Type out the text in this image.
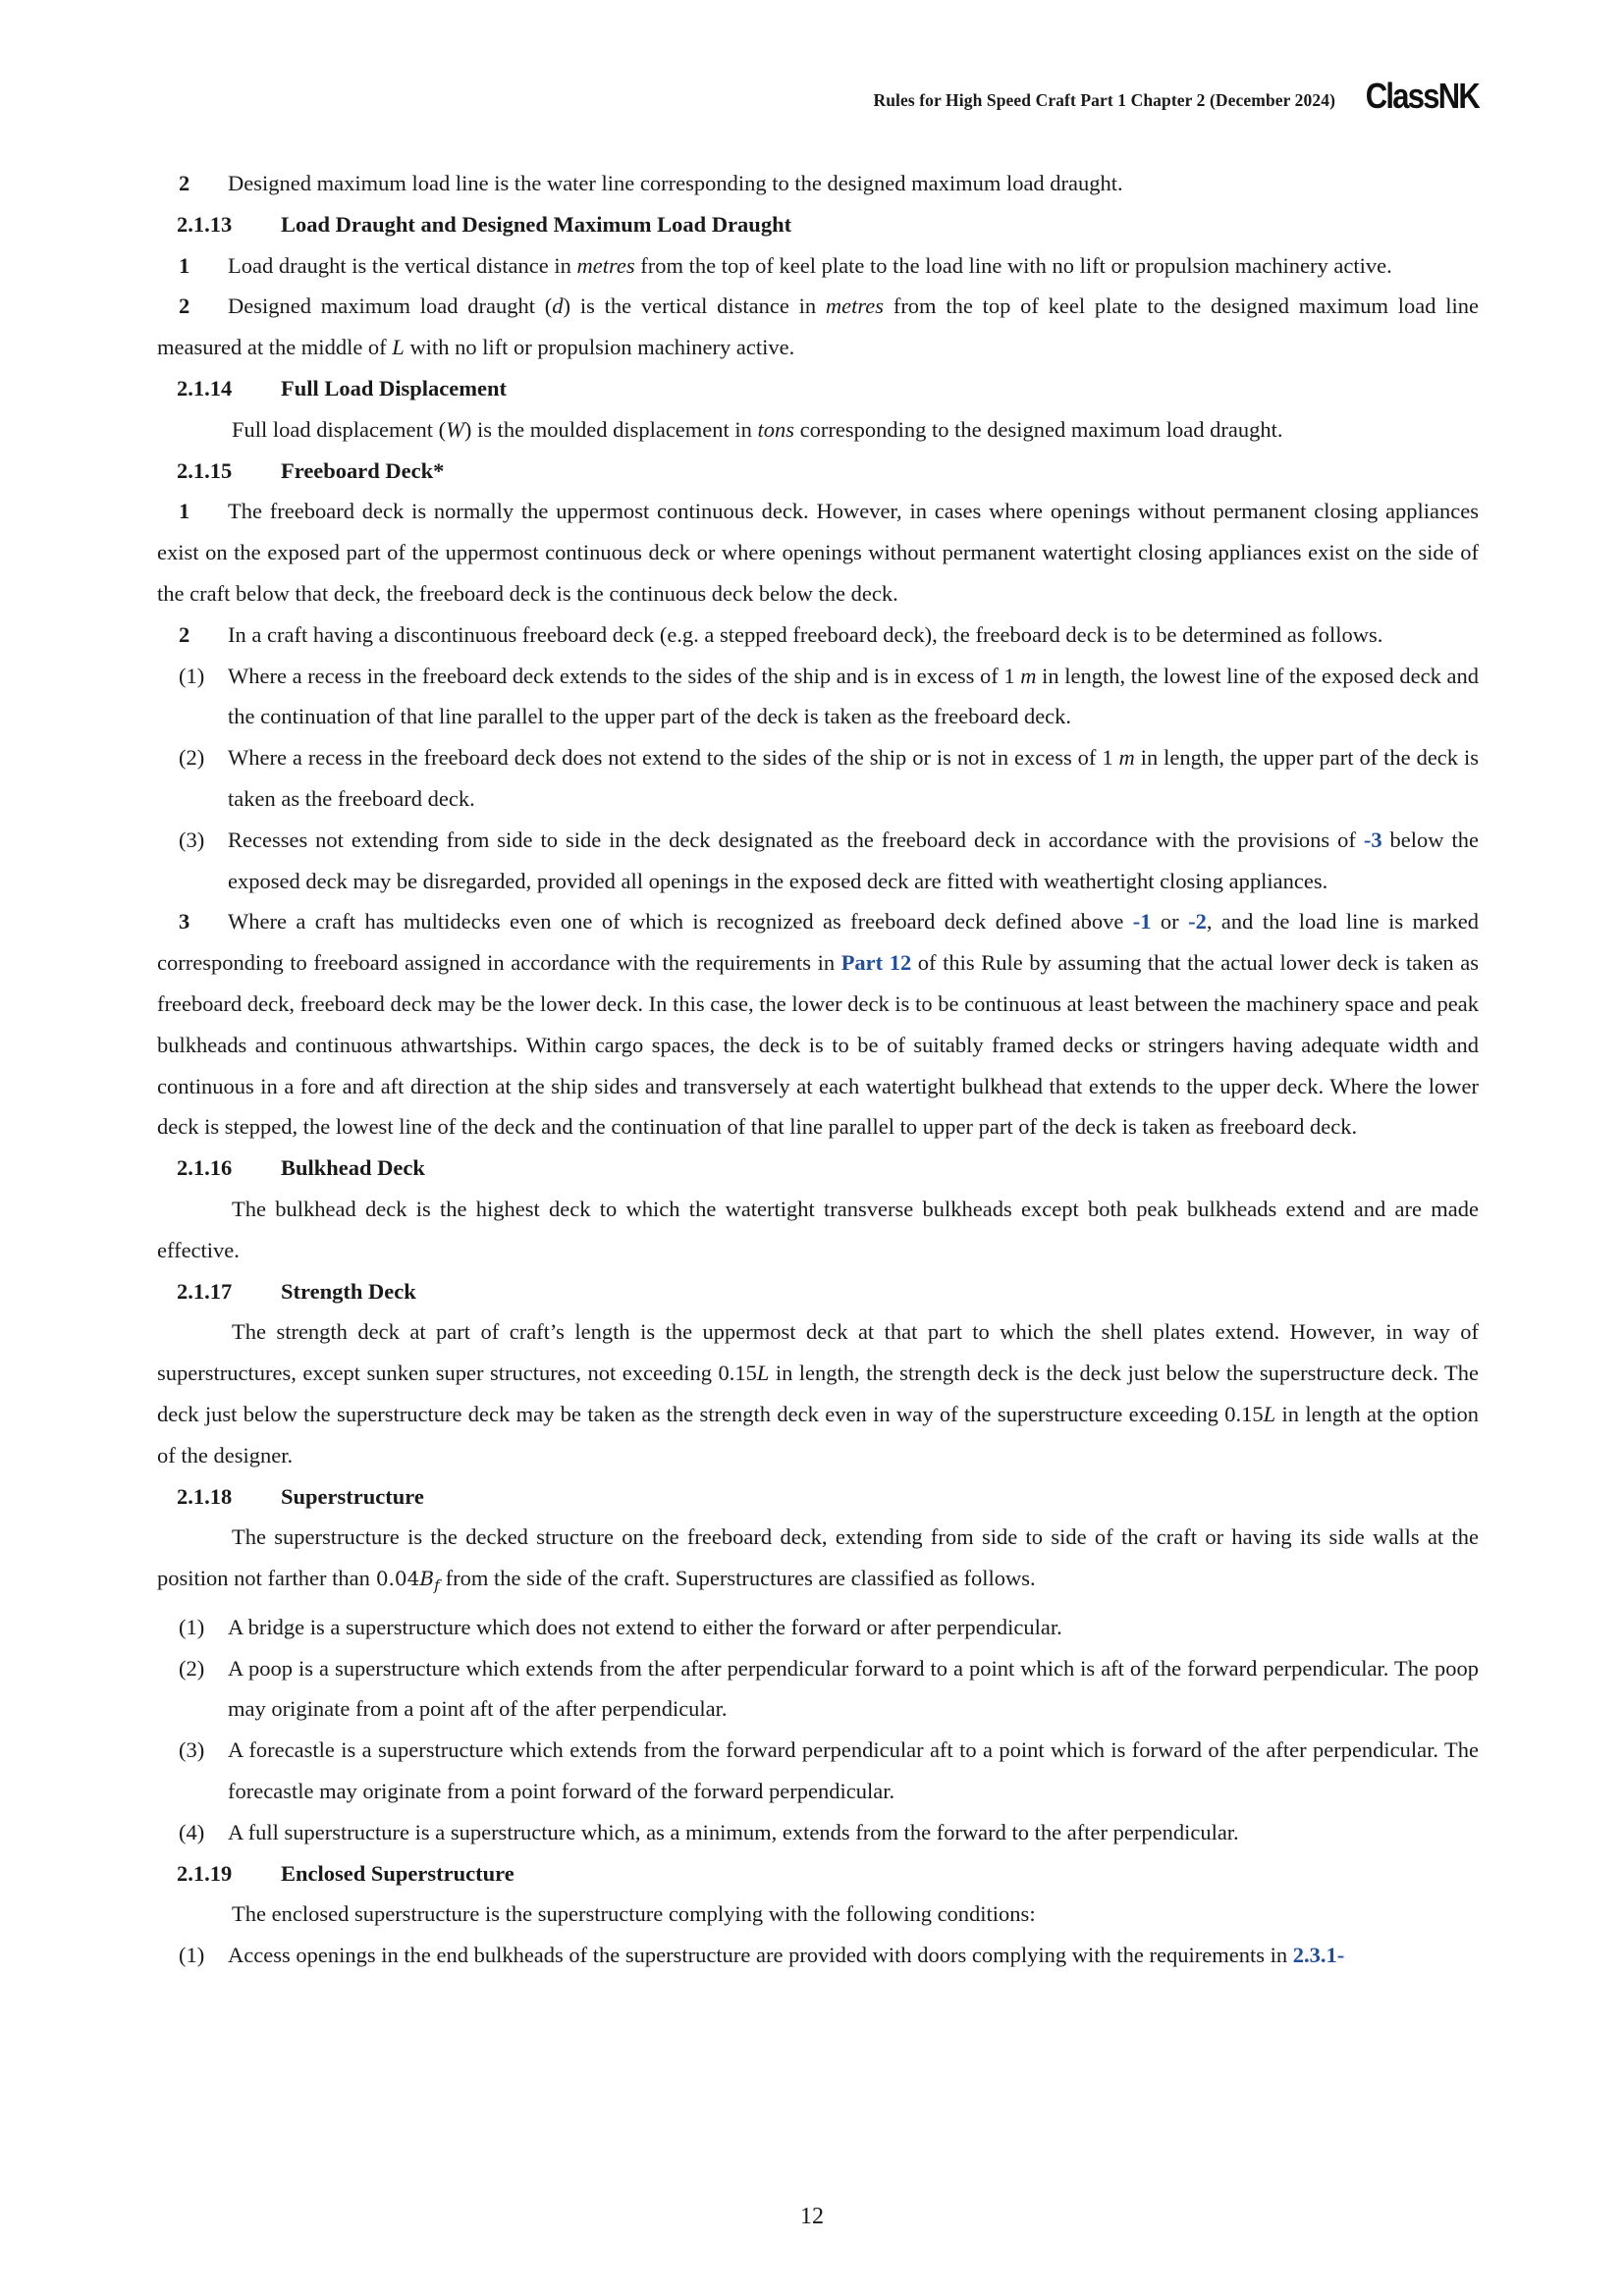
Rules for High Speed Craft Part 1 Chapter 2 (December 2024) ClassNK

2 Designed maximum load line is the water line corresponding to the designed maximum load draught.

2.1.13 Load Draught and Designed Maximum Load Draught

1 Load draught is the vertical distance in metres from the top of keel plate to the load line with no lift or propulsion machinery active.

2 Designed maximum load draught (d) is the vertical distance in metres from the top of keel plate to the designed maximum load line measured at the middle of L with no lift or propulsion machinery active.

2.1.14 Full Load Displacement

Full load displacement (W) is the moulded displacement in tons corresponding to the designed maximum load draught.

2.1.15 Freeboard Deck*

1 The freeboard deck is normally the uppermost continuous deck. However, in cases where openings without permanent closing appliances exist on the exposed part of the uppermost continuous deck or where openings without permanent watertight closing appliances exist on the side of the craft below that deck, the freeboard deck is the continuous deck below the deck.

2 In a craft having a discontinuous freeboard deck (e.g. a stepped freeboard deck), the freeboard deck is to be determined as follows.

(1)	Where a recess in the freeboard deck extends to the sides of the ship and is in excess of 1 m in length, the lowest line of the exposed deck and the continuation of that line parallel to the upper part of the deck is taken as the freeboard deck.
(2)	Where a recess in the freeboard deck does not extend to the sides of the ship or is not in excess of 1 m in length, the upper part of the deck is taken as the freeboard deck.
(3)	Recesses not extending from side to side in the deck designated as the freeboard deck in accordance with the provisions of -3 below the exposed deck may be disregarded, provided all openings in the exposed deck are fitted with weathertight closing appliances.

3 Where a craft has multidecks even one of which is recognized as freeboard deck defined above -1 or -2, and the load line is marked corresponding to freeboard assigned in accordance with the requirements in Part 12 of this Rule by assuming that the actual lower deck is taken as freeboard deck, freeboard deck may be the lower deck. In this case, the lower deck is to be continuous at least between the machinery space and peak bulkheads and continuous athwartships. Within cargo spaces, the deck is to be of suitably framed decks or stringers having adequate width and continuous in a fore and aft direction at the ship sides and transversely at each watertight bulkhead that extends to the upper deck. Where the lower deck is stepped, the lowest line of the deck and the continuation of that line parallel to upper part of the deck is taken as freeboard deck.

2.1.16 Bulkhead Deck

The bulkhead deck is the highest deck to which the watertight transverse bulkheads except both peak bulkheads extend and are made effective.

2.1.17 Strength Deck

The strength deck at part of craft’s length is the uppermost deck at that part to which the shell plates extend. However, in way of superstructures, except sunken super structures, not exceeding 0.15L in length, the strength deck is the deck just below the superstructure deck. The deck just below the superstructure deck may be taken as the strength deck even in way of the superstructure exceeding 0.15L in length at the option of the designer.

2.1.18 Superstructure

The superstructure is the decked structure on the freeboard deck, extending from side to side of the craft or having its side walls at the position not farther than $0.04B_f$ from the side of the craft. Superstructures are classified as follows.

(1)	A bridge is a superstructure which does not extend to either the forward or after perpendicular.
(2)	A poop is a superstructure which extends from the after perpendicular forward to a point which is aft of the forward perpendicular. The poop may originate from a point aft of the after perpendicular.
(3)	A forecastle is a superstructure which extends from the forward perpendicular aft to a point which is forward of the after perpendicular. The forecastle may originate from a point forward of the forward perpendicular.
(4)	A full superstructure is a superstructure which, as a minimum, extends from the forward to the after perpendicular.

2.1.19 Enclosed Superstructure

The enclosed superstructure is the superstructure complying with the following conditions:

(1)	Access openings in the end bulkheads of the superstructure are provided with doors complying with the requirements in 2.3.1-
12
